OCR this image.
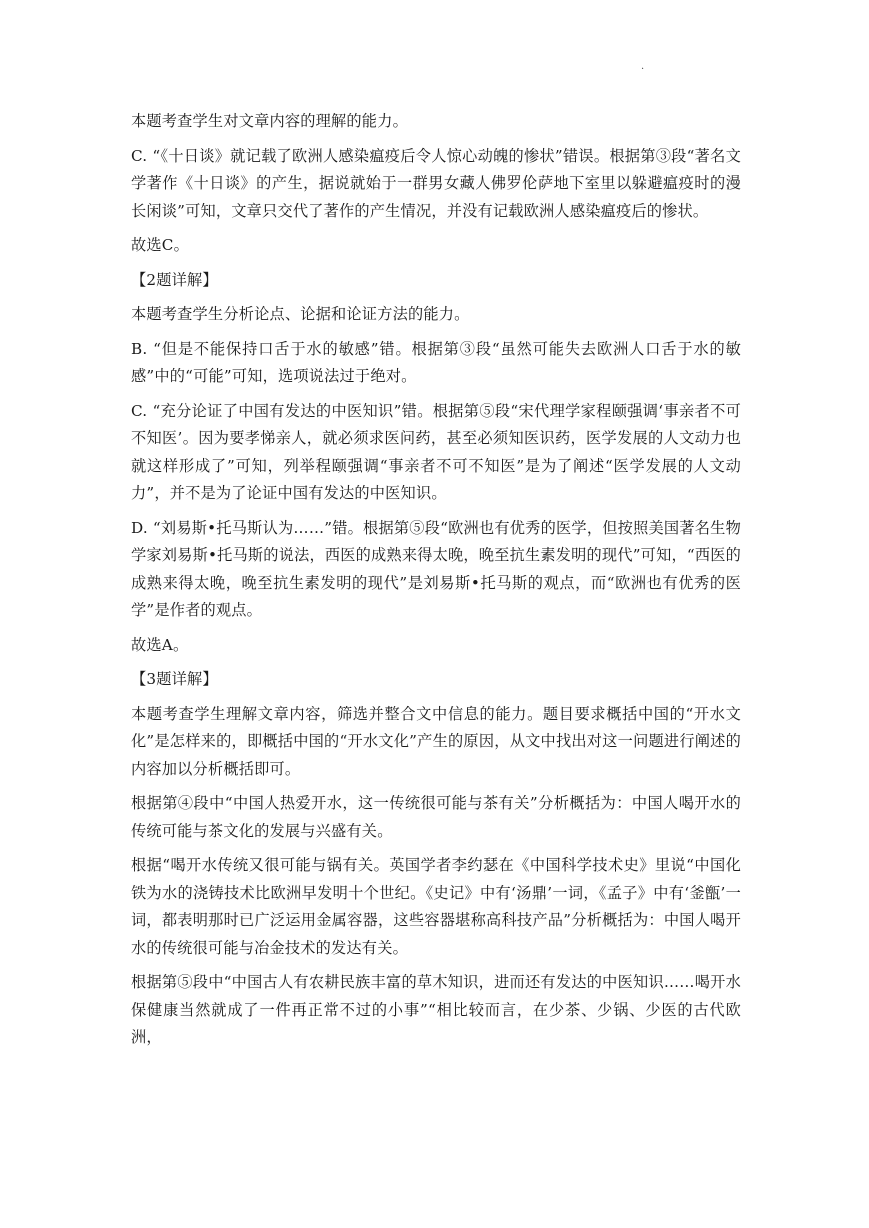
·

本题考查学生对文章内容的理解的能力。

C. “《十日谈》就记载了欧洲人感染瘟疫后令人惊心动魄的惨状”错误。根据第③段“著名文学著作《十日谈》的产生，据说就始于一群男女藏人佛罗伦萨地下室里以躲避瘟疫时的漫长闲谈”可知，文章只交代了著作的产生情况，并没有记载欧洲人感染瘟疫后的惨状。

故选C。

【2题详解】

本题考查学生分析论点、论据和论证方法的能力。

B. “但是不能保持口舌于水的敏感”错。根据第③段“虽然可能失去欧洲人口舌于水的敏感”中的“可能”可知，选项说法过于绝对。

C. “充分论证了中国有发达的中医知识”错。根据第⑤段“宋代理学家程颐强调‘事亲者不可不知医’。因为要孝悌亲人，就必须求医问药，甚至必须知医识药，医学发展的人文动力也就这样形成了”可知，列举程颐强调“事亲者不可不知医”是为了阐述“医学发展的人文动力”，并不是为了论证中国有发达的中医知识。

D. “刘易斯•托马斯认为……”错。根据第⑤段“欧洲也有优秀的医学，但按照美国著名生物学家刘易斯•托马斯的说法，西医的成熟来得太晚，晚至抗生素发明的现代”可知，“西医的成熟来得太晚，晚至抗生素发明的现代”是刘易斯•托马斯的观点，而“欧洲也有优秀的医学”是作者的观点。

故选A。

【3题详解】

本题考查学生理解文章内容，筛选并整合文中信息的能力。题目要求概括中国的“开水文化”是怎样来的，即概括中国的“开水文化”产生的原因，从文中找出对这一问题进行阐述的内容加以分析概括即可。

根据第④段中“中国人热爱开水，这一传统很可能与茶有关”分析概括为：中国人喝开水的传统可能与茶文化的发展与兴盛有关。

根据“喝开水传统又很可能与锅有关。英国学者李约瑟在《中国科学技术史》里说“中国化铁为水的浇铸技术比欧洲早发明十个世纪。《史记》中有‘汤鼎’一词，《孟子》中有‘釜甑’一词，都表明那时已广泛运用金属容器，这些容器堪称高科技产品”分析概括为：中国人喝开水的传统很可能与冶金技术的发达有关。

根据第⑤段中“中国古人有农耕民族丰富的草木知识，进而还有发达的中医知识……喝开水保健康当然就成了一件再正常不过的小事”“相比较而言，在少茶、少锅、少医的古代欧洲，
